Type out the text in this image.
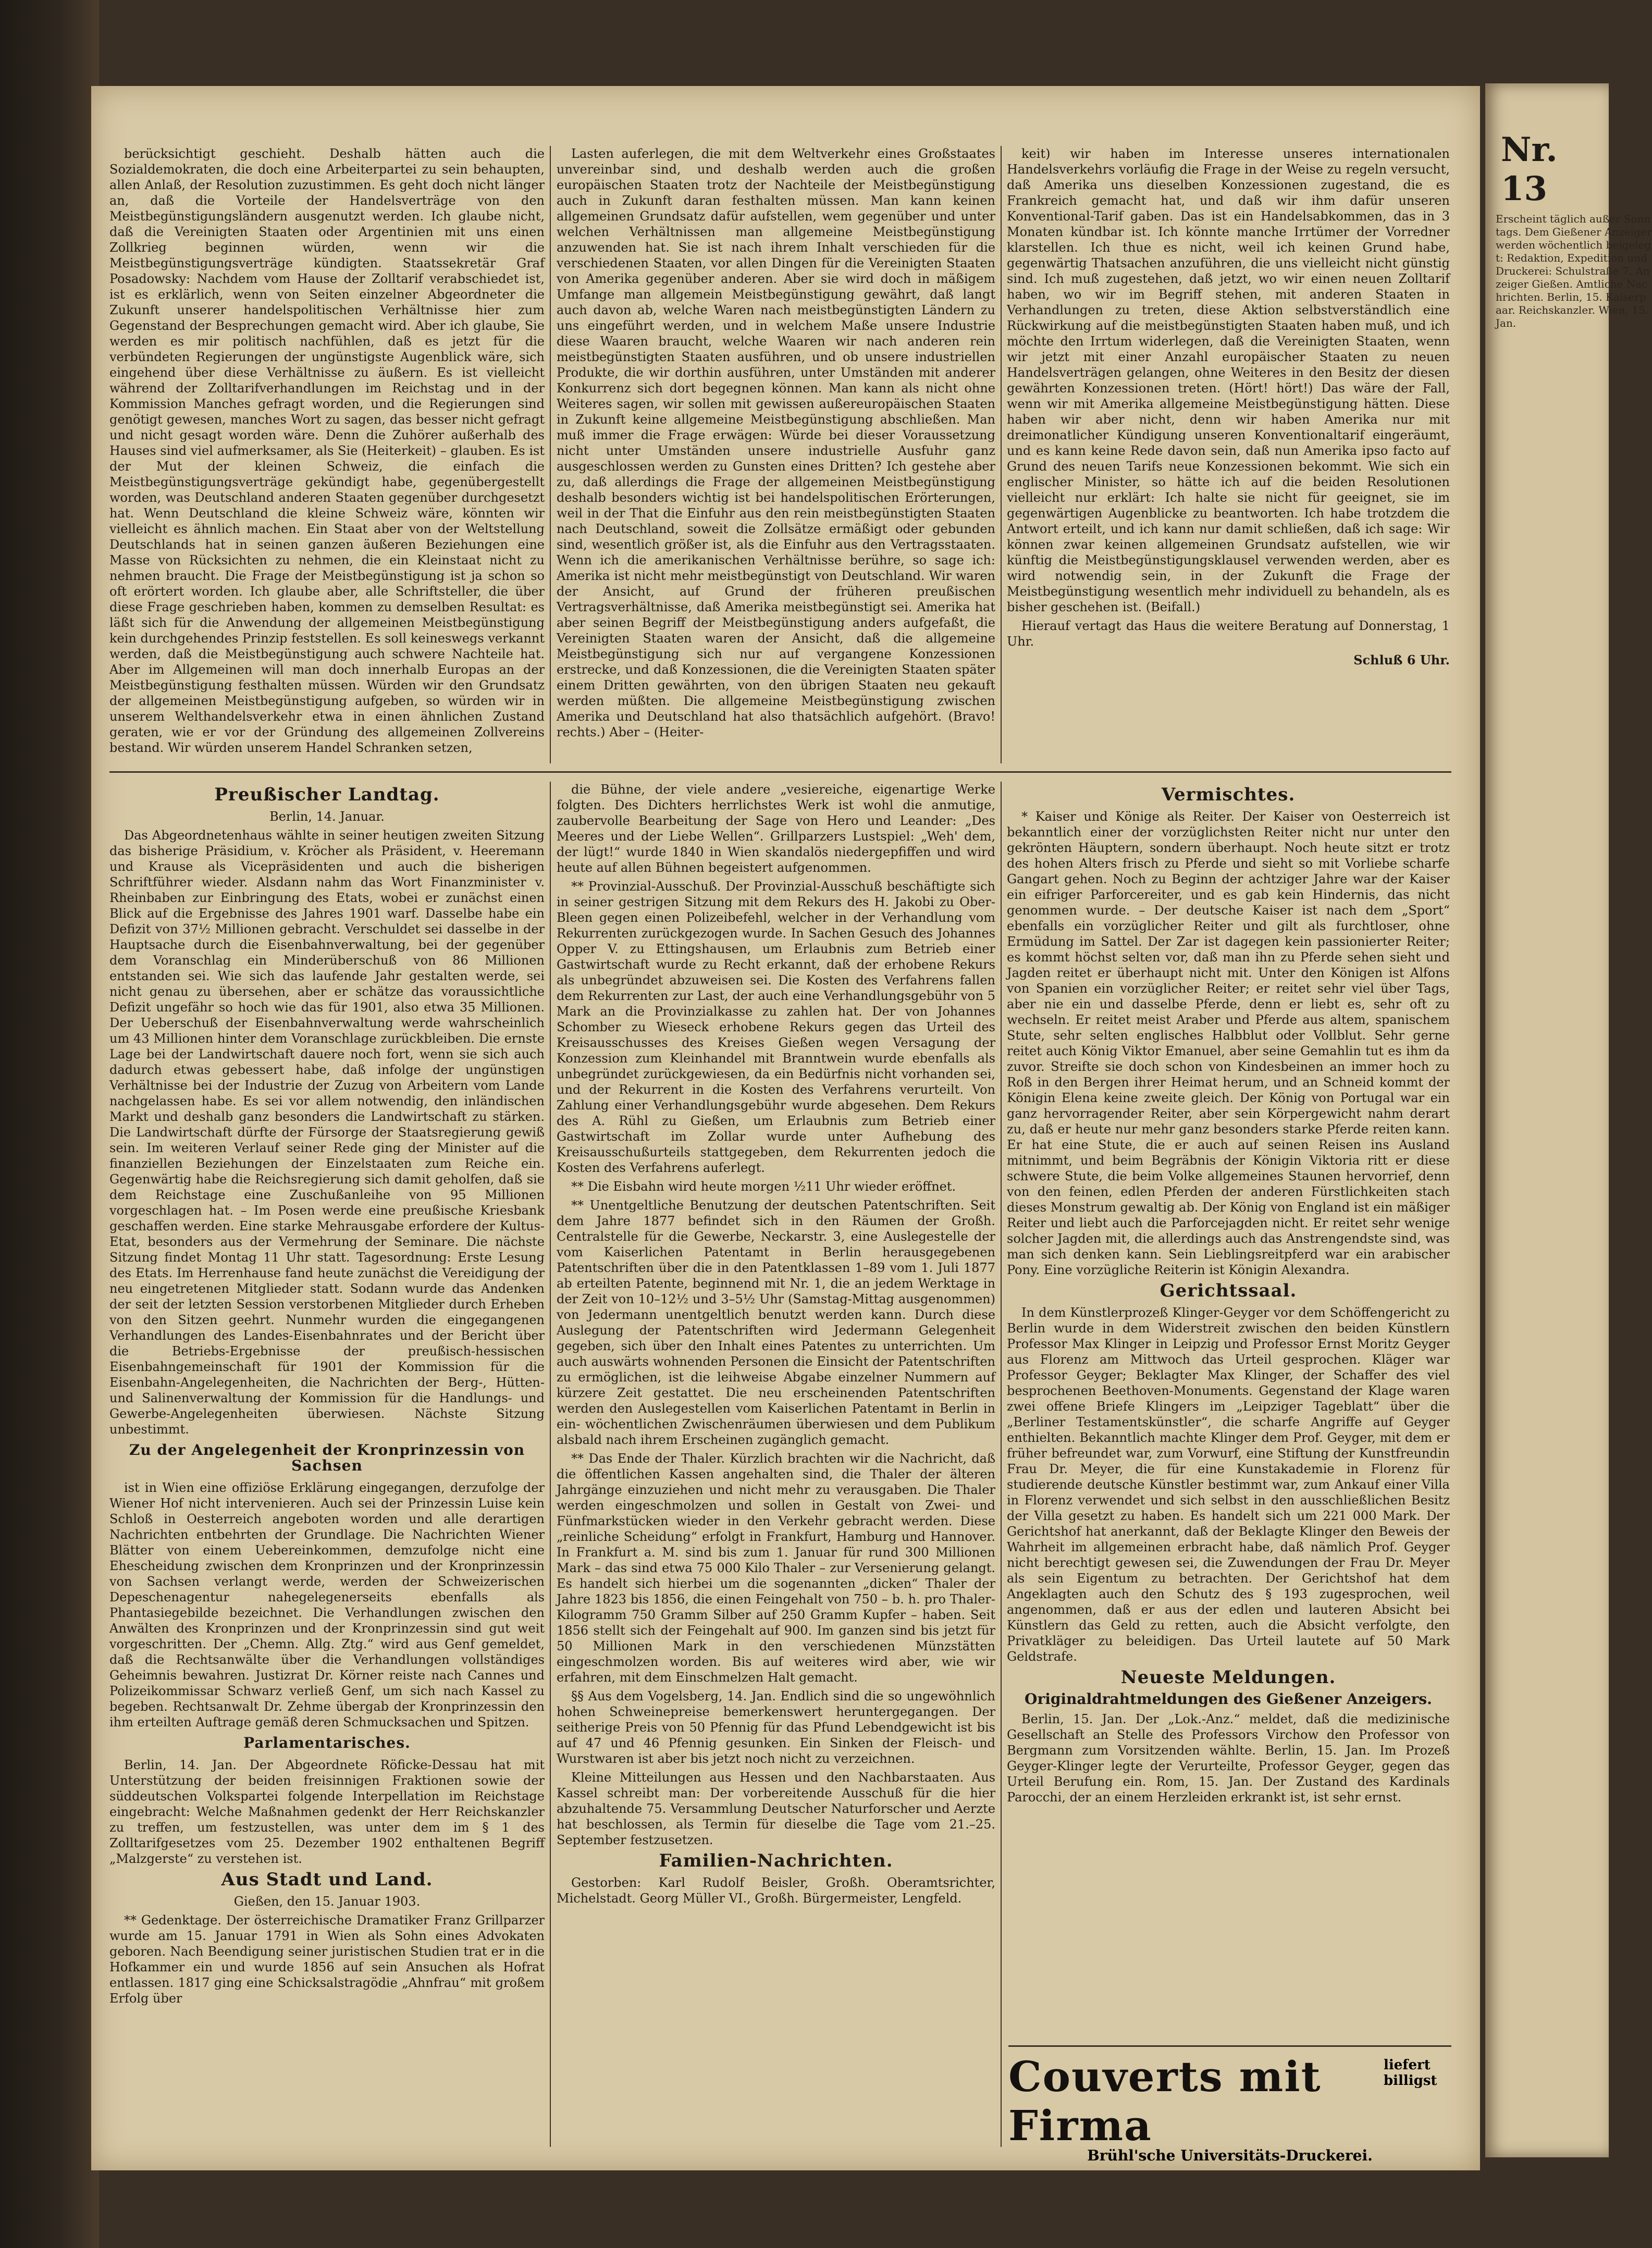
berücksichtigt geschieht. Deshalb hätten auch die Sozialdemokraten, die doch eine Arbeiterpartei zu sein behaupten, allen Anlaß, der Resolution zuzustimmen. Es geht doch nicht länger an, daß die Vorteile der Handelsverträge von den Meistbegünstigungsländern ausgenutzt werden. Ich glaube nicht, daß die Vereinigten Staaten oder Argentinien mit uns einen Zollkrieg beginnen würden, wenn wir die Meistbegünstigungsverträge kündigten. Staatssekretär Graf Posadowsky: Nachdem vom Hause der Zolltarif verabschiedet ist, ist es erklärlich, wenn von Seiten einzelner Abgeordneter die Zukunft unserer handelspolitischen Verhältnisse hier zum Gegenstand der Besprechungen gemacht wird. Aber ich glaube, Sie werden es mir politisch nachfühlen, daß es jetzt für die verbündeten Regierungen der ungünstigste Augenblick wäre, sich eingehend über diese Verhältnisse zu äußern. Es ist vielleicht während der Zolltarifverhandlungen im Reichstag und in der Kommission Manches gefragt worden, und die Regierungen sind genötigt gewesen, manches Wort zu sagen, das besser nicht gefragt und nicht gesagt worden wäre. Denn die Zuhörer außerhalb des Hauses sind viel aufmerksamer, als Sie (Heiterkeit) – glauben. Es ist der Mut der kleinen Schweiz, die einfach die Meistbegünstigungsverträge gekündigt habe, gegenübergestellt worden, was Deutschland anderen Staaten gegenüber durchgesetzt hat. Wenn Deutschland die kleine Schweiz wäre, könnten wir vielleicht es ähnlich machen. Ein Staat aber von der Weltstellung Deutschlands hat in seinen ganzen äußeren Beziehungen eine Masse von Rücksichten zu nehmen, die ein Kleinstaat nicht zu nehmen braucht. Die Frage der Meistbegünstigung ist ja schon so oft erörtert worden. Ich glaube aber, alle Schriftsteller, die über diese Frage geschrieben haben, kommen zu demselben Resultat: es läßt sich für die Anwendung der allgemeinen Meistbegünstigung kein durchgehendes Prinzip feststellen. Es soll keineswegs verkannt werden, daß die Meistbegünstigung auch schwere Nachteile hat. Aber im Allgemeinen will man doch innerhalb Europas an der Meistbegünstigung festhalten müssen. Würden wir den Grundsatz der allgemeinen Meistbegünstigung aufgeben, so würden wir in unserem Welthandelsverkehr etwa in einen ähnlichen Zustand geraten, wie er vor der Gründung des allgemeinen Zollvereins bestand. Wir würden unserem Handel Schranken setzen,

Lasten auferlegen, die mit dem Weltverkehr eines Großstaates unvereinbar sind, und deshalb werden auch die großen europäischen Staaten trotz der Nachteile der Meistbegünstigung auch in Zukunft daran festhalten müssen. Man kann keinen allgemeinen Grundsatz dafür aufstellen, wem gegenüber und unter welchen Verhältnissen man allgemeine Meistbegünstigung anzuwenden hat. Sie ist nach ihrem Inhalt verschieden für die verschiedenen Staaten, vor allen Dingen für die Vereinigten Staaten von Amerika gegenüber anderen. Aber sie wird doch in mäßigem Umfange man allgemein Meistbegünstigung gewährt, daß langt auch davon ab, welche Waren nach meistbegünstigten Ländern zu uns eingeführt werden, und in welchem Maße unsere Industrie diese Waaren braucht, welche Waaren wir nach anderen rein meistbegünstigten Staaten ausführen, und ob unsere industriellen Produkte, die wir dorthin ausführen, unter Umständen mit anderer Konkurrenz sich dort begegnen können. Man kann als nicht ohne Weiteres sagen, wir sollen mit gewissen außereuropäischen Staaten in Zukunft keine allgemeine Meistbegünstigung abschließen. Man muß immer die Frage erwägen: Würde bei dieser Voraussetzung nicht unter Umständen unsere industrielle Ausfuhr ganz ausgeschlossen werden zu Gunsten eines Dritten? Ich gestehe aber zu, daß allerdings die Frage der allgemeinen Meistbegünstigung deshalb besonders wichtig ist bei handelspolitischen Erörterungen, weil in der That die Einfuhr aus den rein meistbegünstigten Staaten nach Deutschland, soweit die Zollsätze ermäßigt oder gebunden sind, wesentlich größer ist, als die Einfuhr aus den Vertragsstaaten. Wenn ich die amerikanischen Verhältnisse berühre, so sage ich: Amerika ist nicht mehr meistbegünstigt von Deutschland. Wir waren der Ansicht, auf Grund der früheren preußischen Vertragsverhältnisse, daß Amerika meistbegünstigt sei. Amerika hat aber seinen Begriff der Meistbegünstigung anders aufgefaßt, die Vereinigten Staaten waren der Ansicht, daß die allgemeine Meistbegünstigung sich nur auf vergangene Konzessionen erstrecke, und daß Konzessionen, die die Vereinigten Staaten später einem Dritten gewährten, von den übrigen Staaten neu gekauft werden müßten. Die allgemeine Meistbegünstigung zwischen Amerika und Deutschland hat also thatsächlich aufgehört. (Bravo! rechts.) Aber – (Heiter-

keit) wir haben im Interesse unseres internationalen Handelsverkehrs vorläufig die Frage in der Weise zu regeln versucht, daß Amerika uns dieselben Konzessionen zugestand, die es Frankreich gemacht hat, und daß wir ihm dafür unseren Konventional-Tarif gaben. Das ist ein Handelsabkommen, das in 3 Monaten kündbar ist. Ich könnte manche Irrtümer der Vorredner klarstellen. Ich thue es nicht, weil ich keinen Grund habe, gegenwärtig Thatsachen anzuführen, die uns vielleicht nicht günstig sind. Ich muß zugestehen, daß jetzt, wo wir einen neuen Zolltarif haben, wo wir im Begriff stehen, mit anderen Staaten in Verhandlungen zu treten, diese Aktion selbstverständlich eine Rückwirkung auf die meistbegünstigten Staaten haben muß, und ich möchte den Irrtum widerlegen, daß die Vereinigten Staaten, wenn wir jetzt mit einer Anzahl europäischer Staaten zu neuen Handelsverträgen gelangen, ohne Weiteres in den Besitz der diesen gewährten Konzessionen treten. (Hört! hört!) Das wäre der Fall, wenn wir mit Amerika allgemeine Meistbegünstigung hätten. Diese haben wir aber nicht, denn wir haben Amerika nur mit dreimonatlicher Kündigung unseren Konventionaltarif eingeräumt, und es kann keine Rede davon sein, daß nun Amerika ipso facto auf Grund des neuen Tarifs neue Konzessionen bekommt. Wie sich ein englischer Minister, so hätte ich auf die beiden Resolutionen vielleicht nur erklärt: Ich halte sie nicht für geeignet, sie im gegenwärtigen Augenblicke zu beantworten. Ich habe trotzdem die Antwort erteilt, und ich kann nur damit schließen, daß ich sage: Wir können zwar keinen allgemeinen Grundsatz aufstellen, wie wir künftig die Meistbegünstigungsklausel verwenden werden, aber es wird notwendig sein, in der Zukunft die Frage der Meistbegünstigung wesentlich mehr individuell zu behandeln, als es bisher geschehen ist. (Beifall.)

Hierauf vertagt das Haus die weitere Beratung auf Donnerstag, 1 Uhr.

Schluß 6 Uhr.

Preußischer Landtag.
Berlin, 14. Januar.

Das Abgeordnetenhaus wählte in seiner heutigen zweiten Sitzung das bisherige Präsidium, v. Kröcher als Präsident, v. Heeremann und Krause als Vicepräsidenten und auch die bisherigen Schriftführer wieder. Alsdann nahm das Wort Finanzminister v. Rheinbaben zur Einbringung des Etats, wobei er zunächst einen Blick auf die Ergebnisse des Jahres 1901 warf. Dasselbe habe ein Defizit von 37½ Millionen gebracht. Verschuldet sei dasselbe in der Hauptsache durch die Eisenbahnverwaltung, bei der gegenüber dem Voranschlag ein Minderüberschuß von 86 Millionen entstanden sei. Wie sich das laufende Jahr gestalten werde, sei nicht genau zu übersehen, aber er schätze das voraussichtliche Defizit ungefähr so hoch wie das für 1901, also etwa 35 Millionen. Der Ueberschuß der Eisenbahnverwaltung werde wahrscheinlich um 43 Millionen hinter dem Voranschlage zurückbleiben. Die ernste Lage bei der Landwirtschaft dauere noch fort, wenn sie sich auch dadurch etwas gebessert habe, daß infolge der ungünstigen Verhältnisse bei der Industrie der Zuzug von Arbeitern vom Lande nachgelassen habe. Es sei vor allem notwendig, den inländischen Markt und deshalb ganz besonders die Landwirtschaft zu stärken. Die Landwirtschaft dürfte der Fürsorge der Staatsregierung gewiß sein. Im weiteren Verlauf seiner Rede ging der Minister auf die finanziellen Beziehungen der Einzelstaaten zum Reiche ein. Gegenwärtig habe die Reichsregierung sich damit geholfen, daß sie dem Reichstage eine Zuschußanleihe von 95 Millionen vorgeschlagen hat. – Im Posen werde eine preußische Kriesbank geschaffen werden. Eine starke Mehrausgabe erfordere der Kultus-Etat, besonders aus der Vermehrung der Seminare. Die nächste Sitzung findet Montag 11 Uhr statt. Tagesordnung: Erste Lesung des Etats. Im Herrenhause fand heute zunächst die Vereidigung der neu eingetretenen Mitglieder statt. Sodann wurde das Andenken der seit der letzten Session verstorbenen Mitglieder durch Erheben von den Sitzen geehrt. Nunmehr wurden die eingegangenen Verhandlungen des Landes-Eisenbahnrates und der Bericht über die Betriebs-Ergebnisse der preußisch-hessischen Eisenbahngemeinschaft für 1901 der Kommission für die Eisenbahn-Angelegenheiten, die Nachrichten der Berg-, Hütten- und Salinenverwaltung der Kommission für die Handlungs- und Gewerbe-Angelegenheiten überwiesen. Nächste Sitzung unbestimmt.

Zu der Angelegenheit der Kronprinzessin von Sachsen

ist in Wien eine offiziöse Erklärung eingegangen, derzufolge der Wiener Hof nicht intervenieren. Auch sei der Prinzessin Luise kein Schloß in Oesterreich angeboten worden und alle derartigen Nachrichten entbehrten der Grundlage. Die Nachrichten Wiener Blätter von einem Uebereinkommen, demzufolge nicht eine Ehescheidung zwischen dem Kronprinzen und der Kronprinzessin von Sachsen verlangt werde, werden der Schweizerischen Depeschenagentur nahegelegenerseits ebenfalls als Phantasiegebilde bezeichnet. Die Verhandlungen zwischen den Anwälten des Kronprinzen und der Kronprinzessin sind gut weit vorgeschritten. Der „Chemn. Allg. Ztg.“ wird aus Genf gemeldet, daß die Rechtsanwälte über die Verhandlungen vollständiges Geheimnis bewahren. Justizrat Dr. Körner reiste nach Cannes und Polizeikommissar Schwarz verließ Genf, um sich nach Kassel zu begeben. Rechtsanwalt Dr. Zehme übergab der Kronprinzessin den ihm erteilten Auftrage gemäß deren Schmucksachen und Spitzen.

Parlamentarisches.

Berlin, 14. Jan. Der Abgeordnete Röficke-Dessau hat mit Unterstützung der beiden freisinnigen Fraktionen sowie der süddeutschen Volkspartei folgende Interpellation im Reichstage eingebracht: Welche Maßnahmen gedenkt der Herr Reichskanzler zu treffen, um festzustellen, was unter dem im § 1 des Zolltarifgesetzes vom 25. Dezember 1902 enthaltenen Begriff „Malzgerste“ zu verstehen ist.

Aus Stadt und Land.
Gießen, den 15. Januar 1903.

** Gedenktage. Der österreichische Dramatiker Franz Grillparzer wurde am 15. Januar 1791 in Wien als Sohn eines Advokaten geboren. Nach Beendigung seiner juristischen Studien trat er in die Hofkammer ein und wurde 1856 auf sein Ansuchen als Hofrat entlassen. 1817 ging eine Schicksalstragödie „Ahnfrau“ mit großem Erfolg über

die Bühne, der viele andere „vesiereiche, eigenartige Werke folgten. Des Dichters herrlichstes Werk ist wohl die anmutige, zaubervolle Bearbeitung der Sage von Hero und Leander: „Des Meeres und der Liebe Wellen“. Grillparzers Lustspiel: „Weh' dem, der lügt!“ wurde 1840 in Wien skandalös niedergepfiffen und wird heute auf allen Bühnen begeistert aufgenommen.

** Provinzial-Ausschuß. Der Provinzial-Ausschuß beschäftigte sich in seiner gestrigen Sitzung mit dem Rekurs des H. Jakobi zu Ober-Bleen gegen einen Polizeibefehl, welcher in der Verhandlung vom Rekurrenten zurückgezogen wurde. In Sachen Gesuch des Johannes Opper V. zu Ettingshausen, um Erlaubnis zum Betrieb einer Gastwirtschaft wurde zu Recht erkannt, daß der erhobene Rekurs als unbegründet abzuweisen sei. Die Kosten des Verfahrens fallen dem Rekurrenten zur Last, der auch eine Verhandlungsgebühr von 5 Mark an die Provinzialkasse zu zahlen hat. Der von Johannes Schomber zu Wieseck erhobene Rekurs gegen das Urteil des Kreisausschusses des Kreises Gießen wegen Versagung der Konzession zum Kleinhandel mit Branntwein wurde ebenfalls als unbegründet zurückgewiesen, da ein Bedürfnis nicht vorhanden sei, und der Rekurrent in die Kosten des Verfahrens verurteilt. Von Zahlung einer Verhandlungsgebühr wurde abgesehen. Dem Rekurs des A. Rühl zu Gießen, um Erlaubnis zum Betrieb einer Gastwirtschaft im Zollar wurde unter Aufhebung des Kreisausschußurteils stattgegeben, dem Rekurrenten jedoch die Kosten des Verfahrens auferlegt.

** Die Eisbahn wird heute morgen ½11 Uhr wieder eröffnet.

** Unentgeltliche Benutzung der deutschen Patentschriften. Seit dem Jahre 1877 befindet sich in den Räumen der Großh. Centralstelle für die Gewerbe, Neckarstr. 3, eine Auslegestelle der vom Kaiserlichen Patentamt in Berlin herausgegebenen Patentschriften über die in den Patentklassen 1–89 vom 1. Juli 1877 ab erteilten Patente, beginnend mit Nr. 1, die an jedem Werktage in der Zeit von 10–12½ und 3–5½ Uhr (Samstag-Mittag ausgenommen) von Jedermann unentgeltlich benutzt werden kann. Durch diese Auslegung der Patentschriften wird Jedermann Gelegenheit gegeben, sich über den Inhalt eines Patentes zu unterrichten. Um auch auswärts wohnenden Personen die Einsicht der Patentschriften zu ermöglichen, ist die leihweise Abgabe einzelner Nummern auf kürzere Zeit gestattet. Die neu erscheinenden Patentschriften werden den Auslegestellen vom Kaiserlichen Patentamt in Berlin in ein- wöchentlichen Zwischenräumen überwiesen und dem Publikum alsbald nach ihrem Erscheinen zugänglich gemacht.

** Das Ende der Thaler. Kürzlich brachten wir die Nachricht, daß die öffentlichen Kassen angehalten sind, die Thaler der älteren Jahrgänge einzuziehen und nicht mehr zu verausgaben. Die Thaler werden eingeschmolzen und sollen in Gestalt von Zwei- und Fünfmarkstücken wieder in den Verkehr gebracht werden. Diese „reinliche Scheidung“ erfolgt in Frankfurt, Hamburg und Hannover. In Frankfurt a. M. sind bis zum 1. Januar für rund 300 Millionen Mark – das sind etwa 75 000 Kilo Thaler – zur Versenierung gelangt. Es handelt sich hierbei um die sogenannten „dicken“ Thaler der Jahre 1823 bis 1856, die einen Feingehalt von 750 – b. h. pro Thaler-Kilogramm 750 Gramm Silber auf 250 Gramm Kupfer – haben. Seit 1856 stellt sich der Feingehalt auf 900. Im ganzen sind bis jetzt für 50 Millionen Mark in den verschiedenen Münzstätten eingeschmolzen worden. Bis auf weiteres wird aber, wie wir erfahren, mit dem Einschmelzen Halt gemacht.

§§ Aus dem Vogelsberg, 14. Jan. Endlich sind die so ungewöhnlich hohen Schweinepreise bemerkenswert heruntergegangen. Der seitherige Preis von 50 Pfennig für das Pfund Lebendgewicht ist bis auf 47 und 46 Pfennig gesunken. Ein Sinken der Fleisch- und Wurstwaren ist aber bis jetzt noch nicht zu verzeichnen.

Kleine Mitteilungen aus Hessen und den Nachbarstaaten. Aus Kassel schreibt man: Der vorbereitende Ausschuß für die hier abzuhaltende 75. Versammlung Deutscher Naturforscher und Aerzte hat beschlossen, als Termin für dieselbe die Tage vom 21.–25. September festzusetzen.

Familien-Nachrichten.

Gestorben: Karl Rudolf Beisler, Großh. Oberamtsrichter, Michelstadt. Georg Müller VI., Großh. Bürgermeister, Lengfeld.

Vermischtes.

* Kaiser und Könige als Reiter. Der Kaiser von Oesterreich ist bekanntlich einer der vorzüglichsten Reiter nicht nur unter den gekrönten Häuptern, sondern überhaupt. Noch heute sitzt er trotz des hohen Alters frisch zu Pferde und sieht so mit Vorliebe scharfe Gangart gehen. Noch zu Beginn der achtziger Jahre war der Kaiser ein eifriger Parforcereiter, und es gab kein Hindernis, das nicht genommen wurde. – Der deutsche Kaiser ist nach dem „Sport“ ebenfalls ein vorzüglicher Reiter und gilt als furchtloser, ohne Ermüdung im Sattel. Der Zar ist dagegen kein passionierter Reiter; es kommt höchst selten vor, daß man ihn zu Pferde sehen sieht und Jagden reitet er überhaupt nicht mit. Unter den Königen ist Alfons von Spanien ein vorzüglicher Reiter; er reitet sehr viel über Tags, aber nie ein und dasselbe Pferde, denn er liebt es, sehr oft zu wechseln. Er reitet meist Araber und Pferde aus altem, spanischem Stute, sehr selten englisches Halbblut oder Vollblut. Sehr gerne reitet auch König Viktor Emanuel, aber seine Gemahlin tut es ihm da zuvor. Streifte sie doch schon von Kindesbeinen an immer hoch zu Roß in den Bergen ihrer Heimat herum, und an Schneid kommt der Königin Elena keine zweite gleich. Der König von Portugal war ein ganz hervorragender Reiter, aber sein Körpergewicht nahm derart zu, daß er heute nur mehr ganz besonders starke Pferde reiten kann. Er hat eine Stute, die er auch auf seinen Reisen ins Ausland mitnimmt, und beim Begräbnis der Königin Viktoria ritt er diese schwere Stute, die beim Volke allgemeines Staunen hervorrief, denn von den feinen, edlen Pferden der anderen Fürstlichkeiten stach dieses Monstrum gewaltig ab. Der König von England ist ein mäßiger Reiter und liebt auch die Parforcejagden nicht. Er reitet sehr wenige solcher Jagden mit, die allerdings auch das Anstrengendste sind, was man sich denken kann. Sein Lieblingsreitpferd war ein arabischer Pony. Eine vorzügliche Reiterin ist Königin Alexandra.

Gerichtssaal.

In dem Künstlerprozeß Klinger-Geyger vor dem Schöffengericht zu Berlin wurde in dem Widerstreit zwischen den beiden Künstlern Professor Max Klinger in Leipzig und Professor Ernst Moritz Geyger aus Florenz am Mittwoch das Urteil gesprochen. Kläger war Professor Geyger; Beklagter Max Klinger, der Schaffer des viel besprochenen Beethoven-Monuments. Gegenstand der Klage waren zwei offene Briefe Klingers im „Leipziger Tageblatt“ über die „Berliner Testamentskünstler“, die scharfe Angriffe auf Geyger enthielten. Bekanntlich machte Klinger dem Prof. Geyger, mit dem er früher befreundet war, zum Vorwurf, eine Stiftung der Kunstfreundin Frau Dr. Meyer, die für eine Kunstakademie in Florenz für studierende deutsche Künstler bestimmt war, zum Ankauf einer Villa in Florenz verwendet und sich selbst in den ausschließlichen Besitz der Villa gesetzt zu haben. Es handelt sich um 221 000 Mark. Der Gerichtshof hat anerkannt, daß der Beklagte Klinger den Beweis der Wahrheit im allgemeinen erbracht habe, daß nämlich Prof. Geyger nicht berechtigt gewesen sei, die Zuwendungen der Frau Dr. Meyer als sein Eigentum zu betrachten. Der Gerichtshof hat dem Angeklagten auch den Schutz des § 193 zugesprochen, weil angenommen, daß er aus der edlen und lauteren Absicht bei Künstlern das Geld zu retten, auch die Absicht verfolgte, den Privatkläger zu beleidigen. Das Urteil lautete auf 50 Mark Geldstrafe.

Neueste Meldungen.
Originaldrahtmeldungen des Gießener Anzeigers.

Berlin, 15. Jan. Der „Lok.-Anz.“ meldet, daß die medizinische Gesellschaft an Stelle des Professors Virchow den Professor von Bergmann zum Vorsitzenden wählte. Berlin, 15. Jan. Im Prozeß Geyger-Klinger legte der Verurteilte, Professor Geyger, gegen das Urteil Berufung ein. Rom, 15. Jan. Der Zustand des Kardinals Parocchi, der an einem Herzleiden erkrankt ist, ist sehr ernst.

Couverts mit Firma
liefert billigst
Brühl'sche Universitäts-Druckerei.
Nr. 13
Erscheint täglich außer Sonntags. Dem Gießener Anzeiger werden wöchentlich beigelegt: Redaktion, Expedition und Druckerei: Schulstraße 7. Anzeiger Gießen. Amtliche Nachrichten. Berlin, 15. Kaiserpaar. Reichskanzler. Wien, 15. Jan.
